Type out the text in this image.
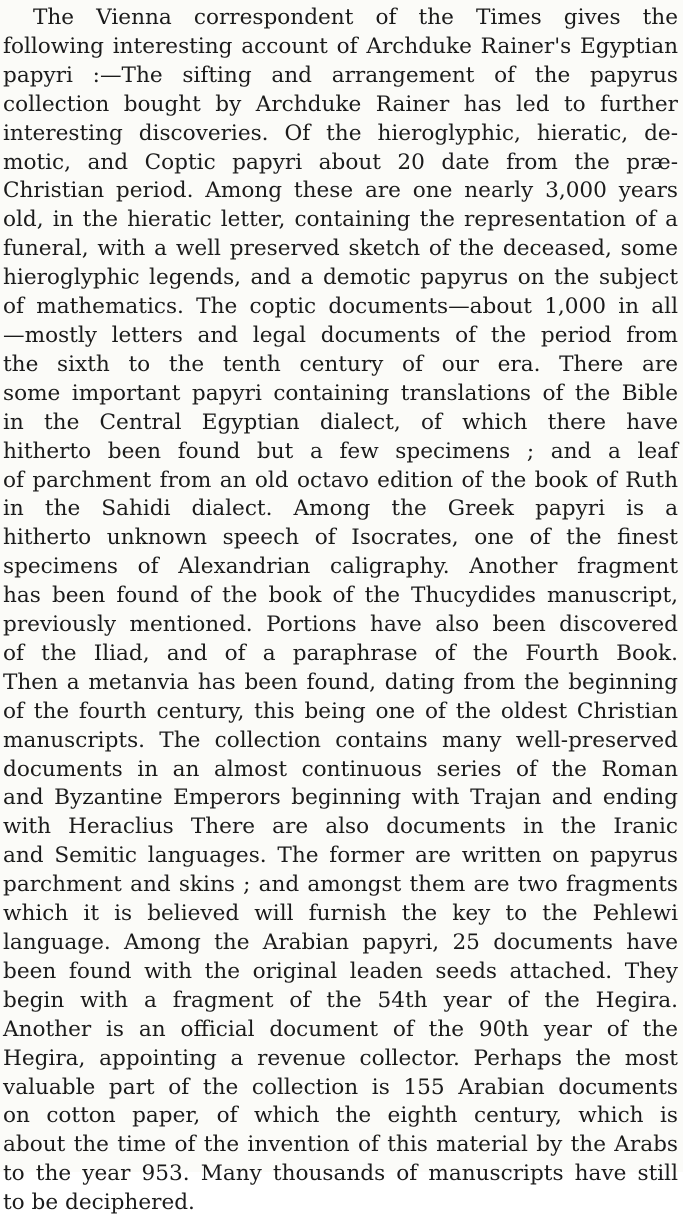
The Vienna correspondent of the Times gives the
following interesting account of Archduke Rainer's Egyptian
papyri :—The sifting and arrangement of the papyrus
collection bought by Archduke Rainer has led to further
interesting discoveries. Of the hieroglyphic, hieratic, de-
motic, and Coptic papyri about 20 date from the præ-
Christian period. Among these are one nearly 3,000 years
old, in the hieratic letter, containing the representation of a
funeral, with a well preserved sketch of the deceased, some
hieroglyphic legends, and a demotic papyrus on the subject
of mathematics. The coptic documents—about 1,000 in all
—mostly letters and legal documents of the period from
the sixth to the tenth century of our era. There are
some important papyri containing translations of the Bible
in the Central Egyptian dialect, of which there have
hitherto been found but a few specimens ; and a leaf
of parchment from an old octavo edition of the book of Ruth
in the Sahidi dialect. Among the Greek papyri is a
hitherto unknown speech of Isocrates, one of the finest
specimens of Alexandrian caligraphy. Another fragment
has been found of the book of the Thucydides manuscript,
previously mentioned. Portions have also been discovered
of the Iliad, and of a paraphrase of the Fourth Book.
Then a metanvia has been found, dating from the beginning
of the fourth century, this being one of the oldest Christian
manuscripts. The collection contains many well-preserved
documents in an almost continuous series of the Roman
and Byzantine Emperors beginning with Trajan and ending
with Heraclius There are also documents in the Iranic
and Semitic languages. The former are written on papyrus
parchment and skins ; and amongst them are two fragments
which it is believed will furnish the key to the Pehlewi
language. Among the Arabian papyri, 25 documents have
been found with the original leaden seeds attached. They
begin with a fragment of the 54th year of the Hegira.
Another is an official document of the 90th year of the
Hegira, appointing a revenue collector. Perhaps the most
valuable part of the collection is 155 Arabian documents
on cotton paper, of which the eighth century, which is
about the time of the invention of this material by the Arabs
to the year 953. Many thousands of manuscripts have still
to be deciphered.
